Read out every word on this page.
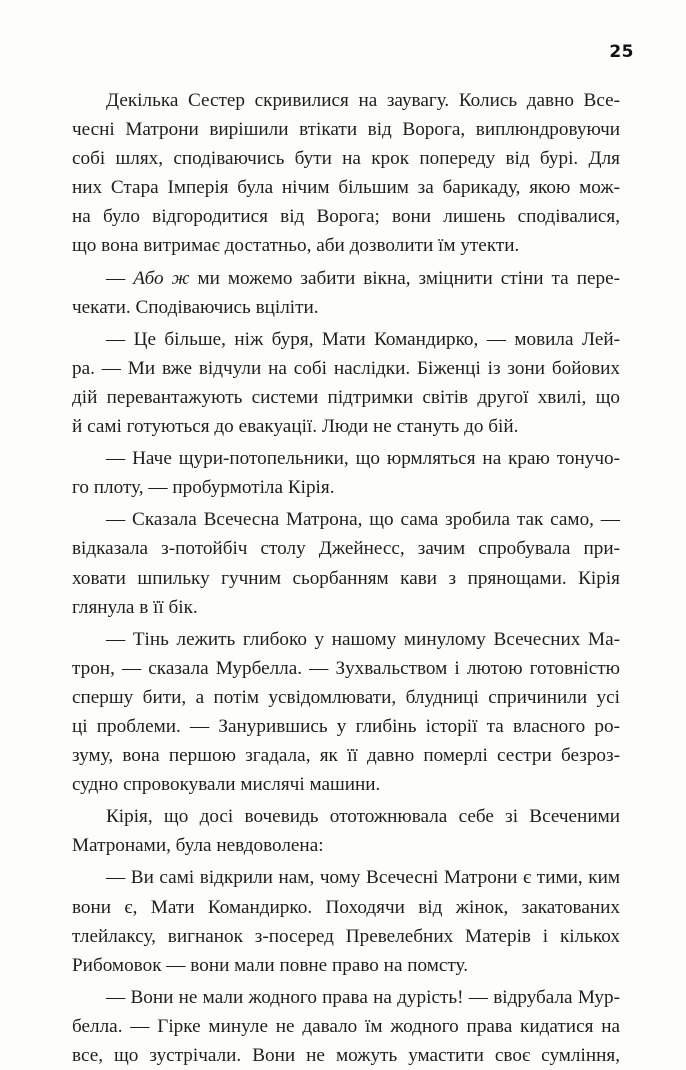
25
Декілька Сестер скривилися на заувагу. Колись давно Все-
чесні Матрони вирішили втікати від Ворога, виплюндровуючи
собі шлях, сподіваючись бути на крок попереду від бурі. Для
них Стара Імперія була нічим більшим за барикаду, якою мож-
на було відгородитися від Ворога; вони лишень сподівалися,
що вона витримає достатньо, аби дозволити їм утекти.
— Або ж ми можемо забити вікна, зміцнити стіни та пере-
чекати. Сподіваючись вціліти.
— Це більше, ніж буря, Мати Командирко, — мовила Лей-
ра. — Ми вже відчули на собі наслідки. Біженці із зони бойових
дій перевантажують системи підтримки світів другої хвилі, що
й самі готуються до евакуації. Люди не стануть до бій.
— Наче щури-потопельники, що юрмляться на краю тонучо-
го плоту, — пробурмотіла Кірія.
— Сказала Всечесна Матрона, що сама зробила так само, —
відказала з-потойбіч столу Джейнесс, зачим спробувала при-
ховати шпильку гучним сьорбанням кави з прянощами. Кірія
глянула в її бік.
— Тінь лежить глибоко у нашому минулому Всечесних Ма-
трон, — сказала Мурбелла. — Зухвальством і лютою готовністю
спершу бити, а потім усвідомлювати, блудниці спричинили усі
ці проблеми. — Занурившись у глибінь історії та власного ро-
зуму, вона першою згадала, як її давно померлі сестри безроз-
судно спровокували мислячі машини.
Кірія, що досі вочевидь ототожнювала себе зі Всеченими
Матронами, була невдоволена:
— Ви самі відкрили нам, чому Всечесні Матрони є тими, ким
вони є, Мати Командирко. Походячи від жінок, закатованих
тлейлаксу, вигнанок з-посеред Превелебних Матерів і кількох
Рибомовок — вони мали повне право на помсту.
— Вони не мали жодного права на дурість! — відрубала Мур-
белла. — Гірке минуле не давало їм жодного права кидатися на
все, що зустрічали. Вони не можуть умастити своє сумління,
